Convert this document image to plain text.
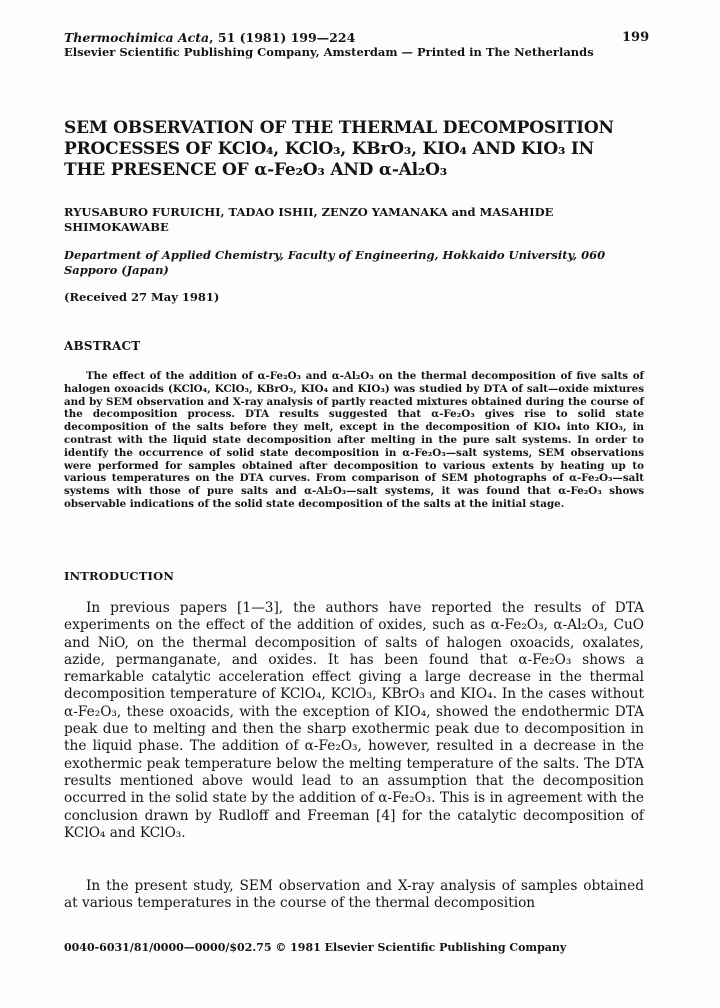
Thermochimica Acta, 51 (1981) 199—224	199
Elsevier Scientific Publishing Company, Amsterdam — Printed in The Netherlands
SEM OBSERVATION OF THE THERMAL DECOMPOSITION PROCESSES OF KClO₄, KClO₃, KBrO₃, KIO₄ AND KIO₃ IN THE PRESENCE OF α-Fe₂O₃ AND α-Al₂O₃
RYUSABURO FURUICHI, TADAO ISHII, ZENZO YAMANAKA and MASAHIDE SHIMOKAWABE
Department of Applied Chemistry, Faculty of Engineering, Hokkaido University, 060 Sapporo (Japan)
(Received 27 May 1981)
ABSTRACT

The effect of the addition of α-Fe₂O₃ and α-Al₂O₃ on the thermal decomposition of five salts of halogen oxoacids (KClO₄, KClO₃, KBrO₃, KIO₄ and KIO₃) was studied by DTA of salt—oxide mixtures and by SEM observation and X-ray analysis of partly reacted mixtures obtained during the course of the decomposition process. DTA results suggested that α-Fe₂O₃ gives rise to solid state decomposition of the salts before they melt, except in the decomposition of KIO₄ into KIO₃, in contrast with the liquid state decomposition after melting in the pure salt systems. In order to identify the occurrence of solid state decomposition in α-Fe₂O₃—salt systems, SEM observations were performed for samples obtained after decomposition to various extents by heating up to various temperatures on the DTA curves. From comparison of SEM photographs of α-Fe₂O₃—salt systems with those of pure salts and α-Al₂O₃—salt systems, it was found that α-Fe₂O₃ shows observable indications of the solid state decomposition of the salts at the initial stage.

INTRODUCTION

In previous papers [1—3], the authors have reported the results of DTA experiments on the effect of the addition of oxides, such as α-Fe₂O₃, α-Al₂O₃, CuO and NiO, on the thermal decomposition of salts of halogen oxoacids, oxalates, azide, permanganate, and oxides. It has been found that α-Fe₂O₃ shows a remarkable catalytic acceleration effect giving a large decrease in the thermal decomposition temperature of KClO₄, KClO₃, KBrO₃ and KIO₄. In the cases without α-Fe₂O₃, these oxoacids, with the exception of KIO₄, showed the endothermic DTA peak due to melting and then the sharp exothermic peak due to decomposition in the liquid phase. The addition of α-Fe₂O₃, however, resulted in a decrease in the exothermic peak temperature below the melting temperature of the salts. The DTA results mentioned above would lead to an assumption that the decomposition occurred in the solid state by the addition of α-Fe₂O₃. This is in agreement with the conclusion drawn by Rudloff and Freeman [4] for the catalytic decomposition of KClO₄ and KClO₃.

In the present study, SEM observation and X-ray analysis of samples obtained at various temperatures in the course of the thermal decomposition

0040-6031/81/0000—0000/$02.75 © 1981 Elsevier Scientific Publishing Company
